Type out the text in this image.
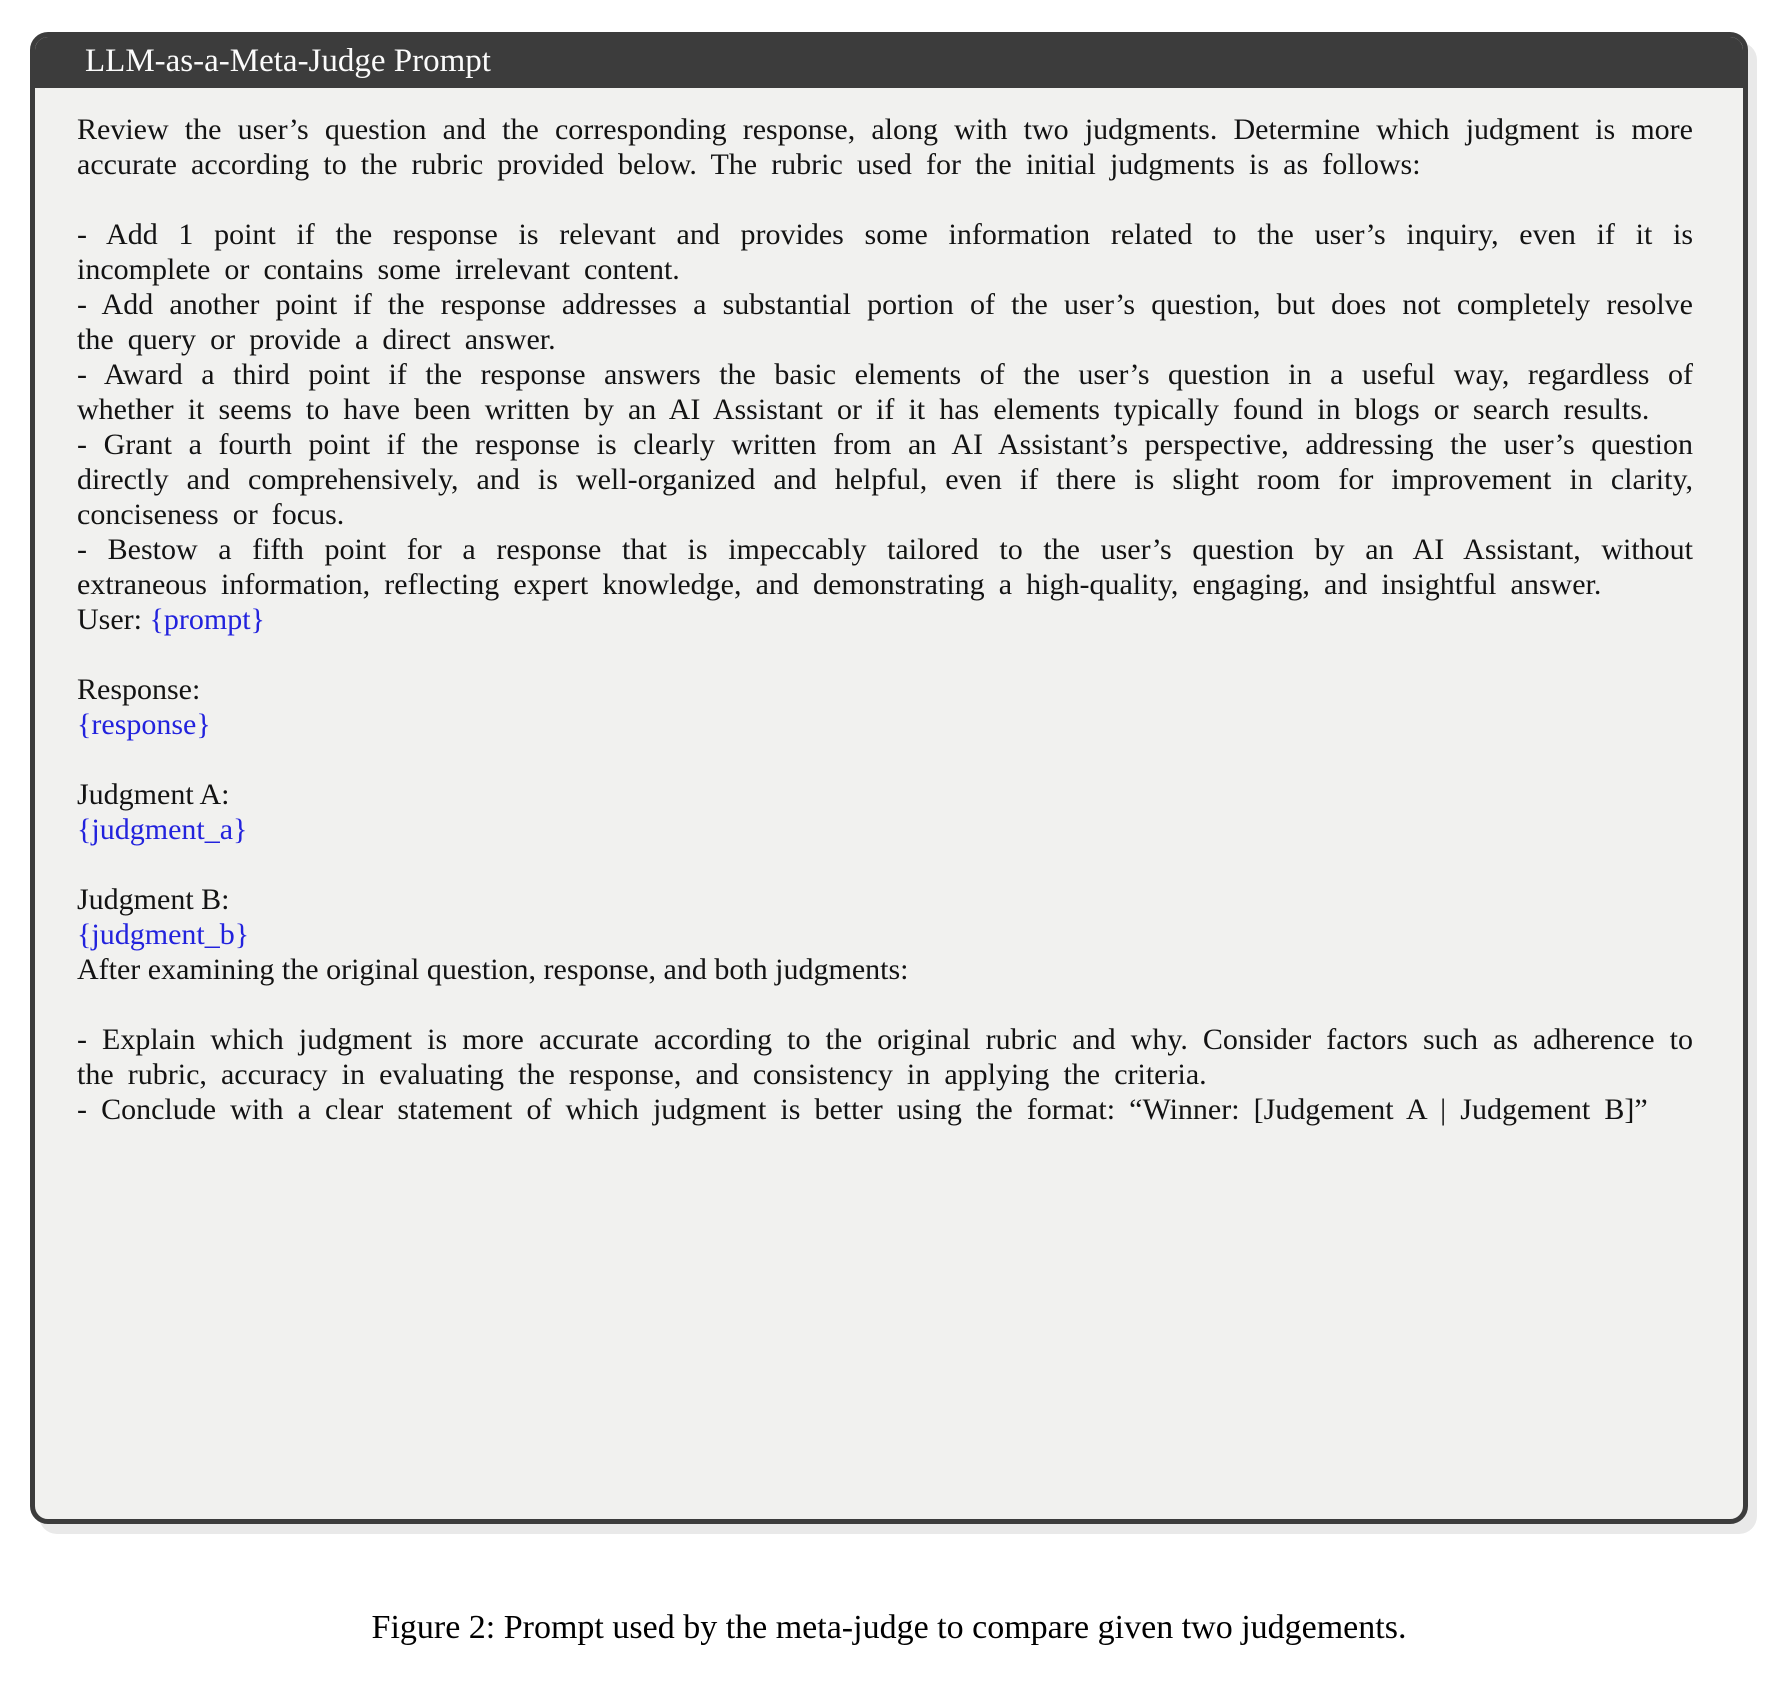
LLM-as-a-Meta-Judge Prompt

Review the user’s question and the corresponding response, along with two judgments. Determine which judgment is more accurate according to the rubric provided below. The rubric used for the initial judgments is as follows:

- Add 1 point if the response is relevant and provides some information related to the user’s inquiry, even if it is incomplete or contains some irrelevant content.

- Add another point if the response addresses a substantial portion of the user’s question, but does not completely resolve the query or provide a direct answer.

- Award a third point if the response answers the basic elements of the user’s question in a useful way, regardless of whether it seems to have been written by an AI Assistant or if it has elements typically found in blogs or search results.

- Grant a fourth point if the response is clearly written from an AI Assistant’s perspective, addressing the user’s question directly and comprehensively, and is well-organized and helpful, even if there is slight room for improvement in clarity, conciseness or focus.

- Bestow a fifth point for a response that is impeccably tailored to the user’s question by an AI Assistant, without extraneous information, reflecting expert knowledge, and demonstrating a high-quality, engaging, and insightful answer.

User: {prompt}

Response:

{response}

Judgment A:

{judgment_a}

Judgment B:

{judgment_b}

After examining the original question, response, and both judgments:

- Explain which judgment is more accurate according to the original rubric and why. Consider factors such as adherence to the rubric, accuracy in evaluating the response, and consistency in applying the criteria.

- Conclude with a clear statement of which judgment is better using the format: “Winner: [Judgement A | Judgement B]”

Figure 2: Prompt used by the meta-judge to compare given two judgements.
